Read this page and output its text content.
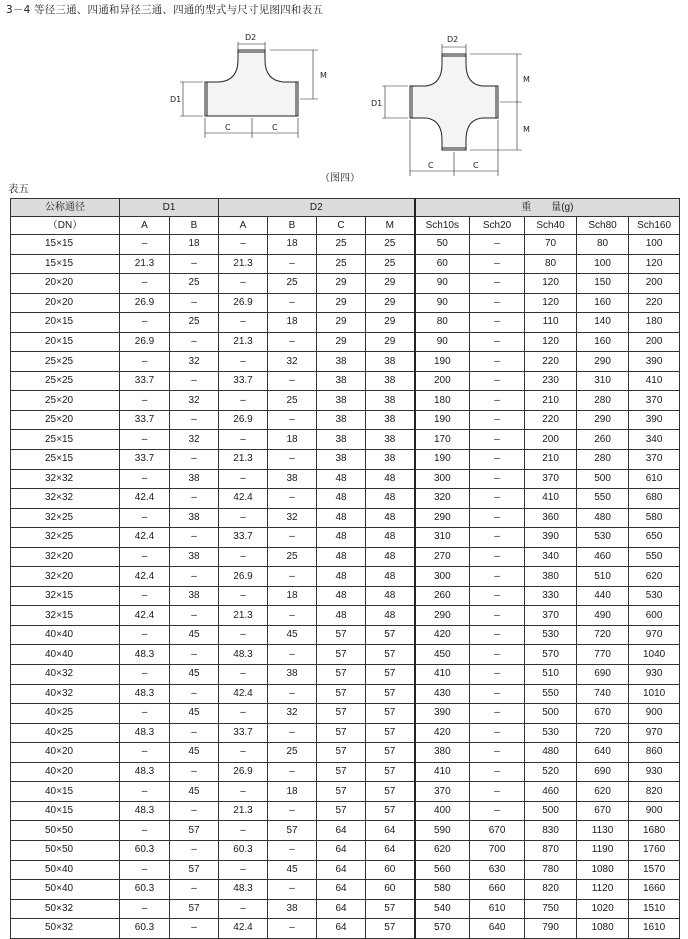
3－4 等径三通、四通和异径三通、四通的型式与尺寸见图四和表五
D2
M
D1
C	C
D2
M
M
D1
C	C
（图四）
表五
公称通径	D1		D2				重　　量(g)				
（DN）	A	B	A	B	C	M	Sch10s	Sch20	Sch40	Sch80	Sch160
15×15	–	18	–	18	25	25	50	–	70	80	100
15×15	21.3	–	21.3	–	25	25	60	–	80	100	120
20×20	–	25	–	25	29	29	90	–	120	150	200
20×20	26.9	–	26.9	–	29	29	90	–	120	160	220
20×15	–	25	–	18	29	29	80	–	110	140	180
20×15	26.9	–	21.3	–	29	29	90	–	120	160	200
25×25	–	32	–	32	38	38	190	–	220	290	390
25×25	33.7	–	33.7	–	38	38	200	–	230	310	410
25×20	–	32	–	25	38	38	180	–	210	280	370
25×20	33.7	–	26.9	–	38	38	190	–	220	290	390
25×15	–	32	–	18	38	38	170	–	200	260	340
25×15	33.7	–	21.3	–	38	38	190	–	210	280	370
32×32	–	38	–	38	48	48	300	–	370	500	610
32×32	42.4	–	42.4	–	48	48	320	–	410	550	680
32×25	–	38	–	32	48	48	290	–	360	480	580
32×25	42.4	–	33.7	–	48	48	310	–	390	530	650
32×20	–	38	–	25	48	48	270	–	340	460	550
32×20	42.4	–	26.9	–	48	48	300	–	380	510	620
32×15	–	38	–	18	48	48	260	–	330	440	530
32×15	42.4	–	21.3	–	48	48	290	–	370	490	600
40×40	–	45	–	45	57	57	420	–	530	720	970
40×40	48.3	–	48.3	–	57	57	450	–	570	770	1040
40×32	–	45	–	38	57	57	410	–	510	690	930
40×32	48.3	–	42.4	–	57	57	430	–	550	740	1010
40×25	–	45	–	32	57	57	390	–	500	670	900
40×25	48.3	–	33.7	–	57	57	420	–	530	720	970
40×20	–	45	–	25	57	57	380	–	480	640	860
40×20	48.3	–	26.9	–	57	57	410	–	520	690	930
40×15	–	45	–	18	57	57	370	–	460	620	820
40×15	48.3	–	21.3	–	57	57	400	–	500	670	900
50×50	–	57	–	57	64	64	590	670	830	1130	1680
50×50	60.3	–	60.3	–	64	64	620	700	870	1190	1760
50×40	–	57	–	45	64	60	560	630	780	1080	1570
50×40	60.3	–	48.3	–	64	60	580	660	820	1120	1660
50×32	–	57	–	38	64	57	540	610	750	1020	1510
50×32	60.3	–	42.4	–	64	57	570	640	790	1080	1610
